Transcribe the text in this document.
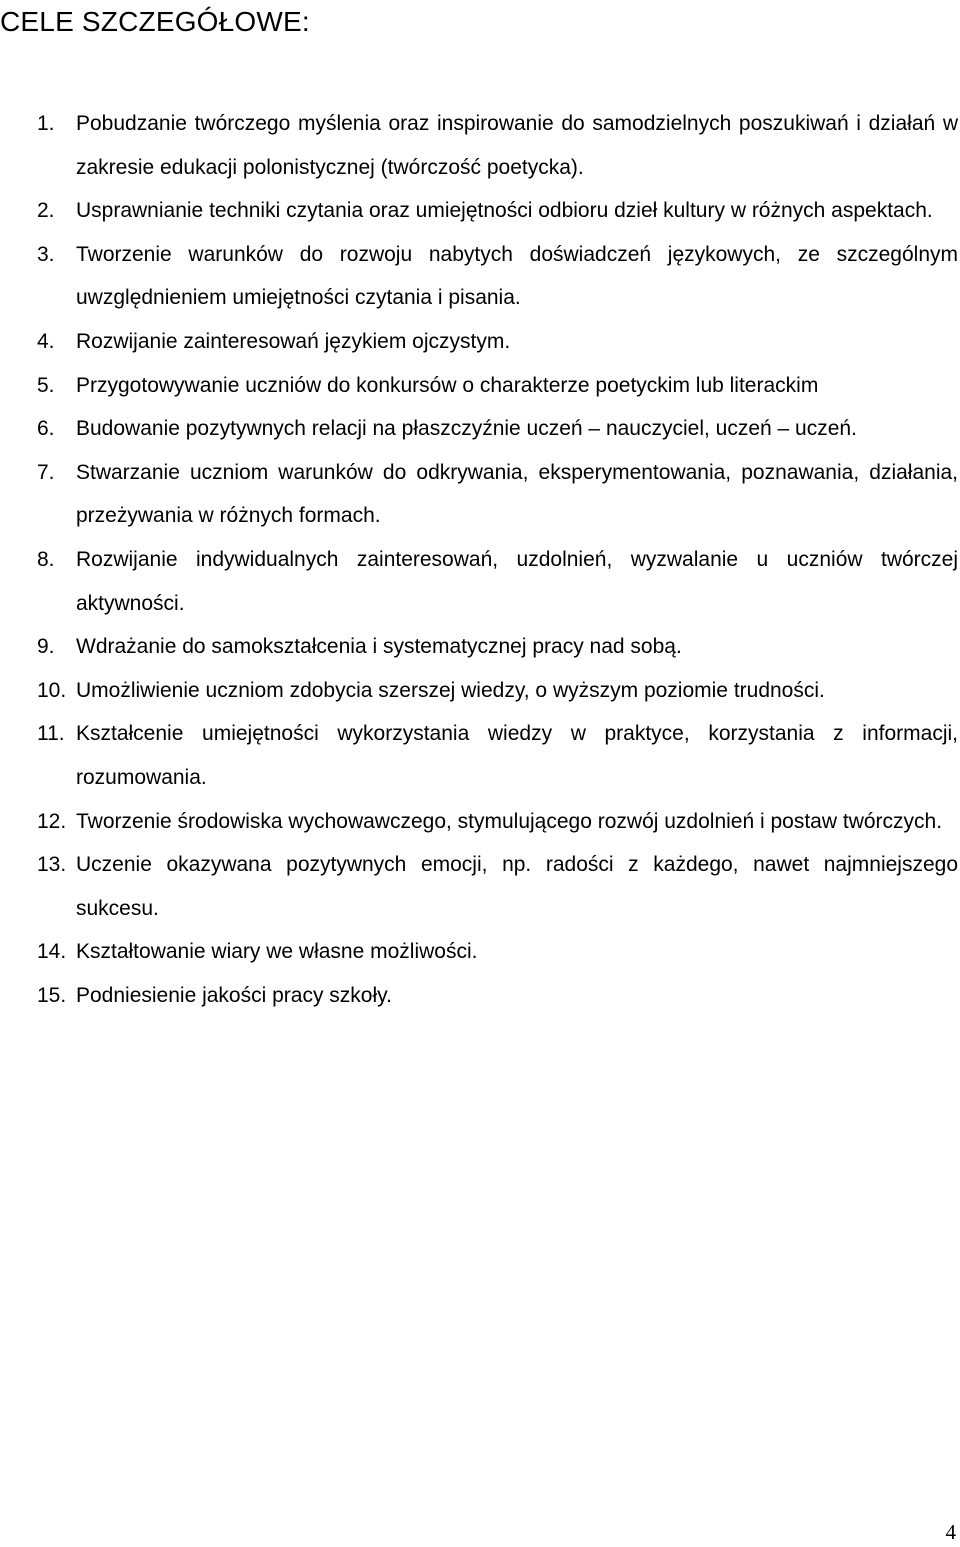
CELE SZCZEGÓŁOWE:
1. Pobudzanie twórczego myślenia oraz inspirowanie do samodzielnych poszukiwań i działań w zakresie edukacji polonistycznej (twórczość poetycka).
2. Usprawnianie techniki czytania oraz umiejętności odbioru dzieł kultury w różnych aspektach.
3. Tworzenie warunków do rozwoju nabytych doświadczeń językowych, ze szczególnym uwzględnieniem umiejętności czytania i pisania.
4. Rozwijanie zainteresowań językiem ojczystym.
5. Przygotowywanie uczniów do konkursów o charakterze poetyckim lub literackim
6. Budowanie pozytywnych relacji na płaszczyźnie uczeń – nauczyciel, uczeń – uczeń.
7. Stwarzanie uczniom warunków do odkrywania, eksperymentowania, poznawania, działania, przeżywania w różnych formach.
8. Rozwijanie indywidualnych zainteresowań, uzdolnień, wyzwalanie u uczniów twórczej aktywności.
9. Wdrażanie do samokształcenia i systematycznej pracy nad sobą.
10. Umożliwienie uczniom zdobycia szerszej wiedzy, o wyższym poziomie trudności.
11. Kształcenie umiejętności wykorzystania wiedzy w praktyce, korzystania z informacji, rozumowania.
12. Tworzenie środowiska wychowawczego, stymulującego rozwój uzdolnień i postaw twórczych.
13. Uczenie okazywana pozytywnych emocji, np. radości z każdego, nawet najmniejszego sukcesu.
14. Kształtowanie wiary we własne możliwości.
15. Podniesienie jakości pracy szkoły.
4
